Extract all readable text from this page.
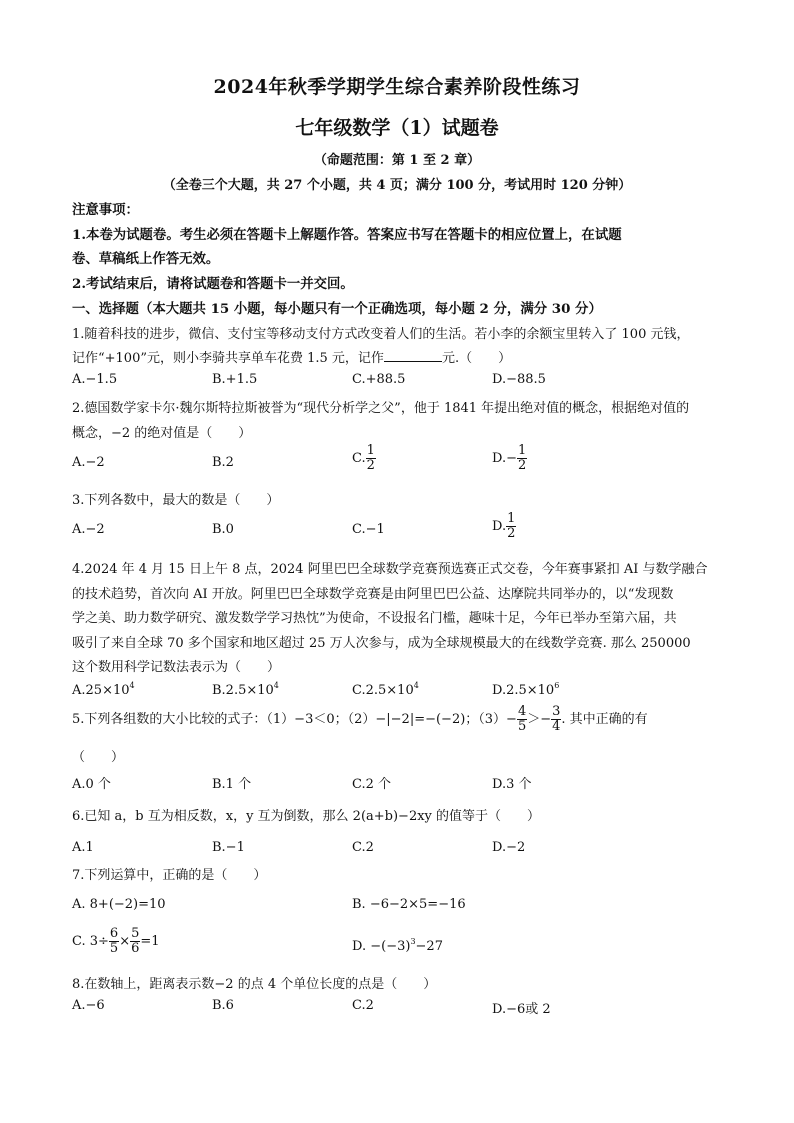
2024年秋季学期学生综合素养阶段性练习
七年级数学（1）试题卷
（命题范围：第 1 至 2 章）
（全卷三个大题，共 27 个小题，共 4 页；满分 100 分，考试用时 120 分钟）
注意事项：
1.本卷为试题卷。考生必须在答题卡上解题作答。答案应书写在答题卡的相应位置上，在试题
卷、草稿纸上作答无效。
2.考试结束后，请将试题卷和答题卡一并交回。
一、选择题（本大题共 15 小题，每小题只有一个正确选项，每小题 2 分，满分 30 分）
1.随着科技的进步，微信、支付宝等移动支付方式改变着人们的生活。若小李的余额宝里转入了 100 元钱，
记作“+100”元，则小李骑共享单车花费 1.5 元，记作	元.（　　）
A.−1.5	B.+1.5	C.+88.5	D.−88.5
2.德国数学家卡尔·魏尔斯特拉斯被誉为“现代分析学之父”，他于 1841 年提出绝对值的概念，根据绝对值的
概念，−2 的绝对值是（　　）
A.−2	B.2	C. $\frac{1}{2}$	$D.- \frac{1}{2}$
3.下列各数中，最大的数是（　　）
A.−2	B.0	C.−1	D. $\frac{1}{2}$
4.2024 年 4 月 15 日上午 8 点，2024 阿里巴巴全球数学竞赛预选赛正式交卷，今年赛事紧扣 AI 与数学融合
的技术趋势，首次向 AI 开放。阿里巴巴全球数学竞赛是由阿里巴巴公益、达摩院共同举办的，以“发现数
学之美、助力数学研究、激发数学学习热忱”为使命，不设报名门槛，趣味十足，今年已举办至第六届，共
吸引了来自全球 70 多个国家和地区超过 25 万人次参与，成为全球规模最大的在线数学竞赛. 那么 250000
这个数用科学记数法表示为（　　）
$A.25\times 10^4$	$B.2.5\times 10^4$	$C.2.5\times 10^4$	$D.2.5\times 10^6$
5.下列各组数的大小比较的式子：（1）−3＜0；（2）−|−2|=−(−2)；$(3)- \frac{4}{5} >- \frac{3}{4}$ . 其中正确的有
（　　）
A.0 个	B.1 个	C.2 个	D.3 个
6.已知 a，b 互为相反数，x，y 互为倒数，那么 2(a+b)−2xy 的值等于（　　）
A.1	B.−1	C.2	D.−2
7.下列运算中，正确的是（　　）
A. 8+(−2)=10	B. −6−2×5=−16
C. $3\div \frac{6}{5} \times \frac{5}{6} =1$	D. $-(-3)^3-27$
8.在数轴上，距离表示数−2 的点 4 个单位长度的点是（　　）
A.−6	B.6	C.2	D.−6或 2
